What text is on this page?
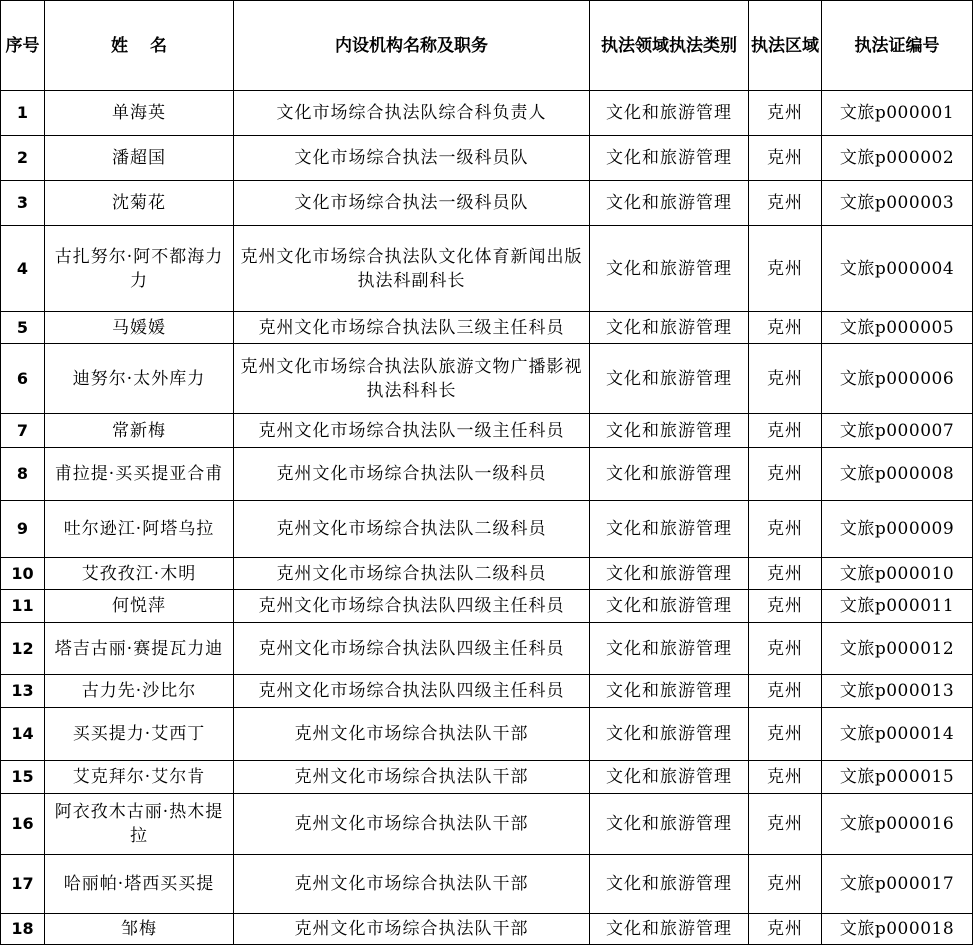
序号	姓 名	内设机构名称及职务	执法领域执法类别	执法区域	执法证编号
1	单海英	文化市场综合执法队综合科负责人	文化和旅游管理	克州	文旅p000001
2	潘超国	文化市场综合执法一级科员队	文化和旅游管理	克州	文旅p000002
3	沈菊花	文化市场综合执法一级科员队	文化和旅游管理	克州	文旅p000003
4	古扎努尔·阿不都海力力	克州文化市场综合执法队文化体育新闻出版执法科副科长	文化和旅游管理	克州	文旅p000004
5	马媛媛	克州文化市场综合执法队三级主任科员	文化和旅游管理	克州	文旅p000005
6	迪努尔·太外库力	克州文化市场综合执法队旅游文物广播影视执法科科长	文化和旅游管理	克州	文旅p000006
7	常新梅	克州文化市场综合执法队一级主任科员	文化和旅游管理	克州	文旅p000007
8	甫拉提·买买提亚合甫	克州文化市场综合执法队一级科员	文化和旅游管理	克州	文旅p000008
9	吐尔逊江·阿塔乌拉	克州文化市场综合执法队二级科员	文化和旅游管理	克州	文旅p000009
10	艾孜孜江·木明	克州文化市场综合执法队二级科员	文化和旅游管理	克州	文旅p000010
11	何悦萍	克州文化市场综合执法队四级主任科员	文化和旅游管理	克州	文旅p000011
12	塔吉古丽·赛提瓦力迪	克州文化市场综合执法队四级主任科员	文化和旅游管理	克州	文旅p000012
13	古力先·沙比尔	克州文化市场综合执法队四级主任科员	文化和旅游管理	克州	文旅p000013
14	买买提力·艾西丁	克州文化市场综合执法队干部	文化和旅游管理	克州	文旅p000014
15	艾克拜尔·艾尔肯	克州文化市场综合执法队干部	文化和旅游管理	克州	文旅p000015
16	阿衣孜木古丽·热木提拉	克州文化市场综合执法队干部	文化和旅游管理	克州	文旅p000016
17	哈丽帕·塔西买买提	克州文化市场综合执法队干部	文化和旅游管理	克州	文旅p000017
18	邹梅	克州文化市场综合执法队干部	文化和旅游管理	克州	文旅p000018
